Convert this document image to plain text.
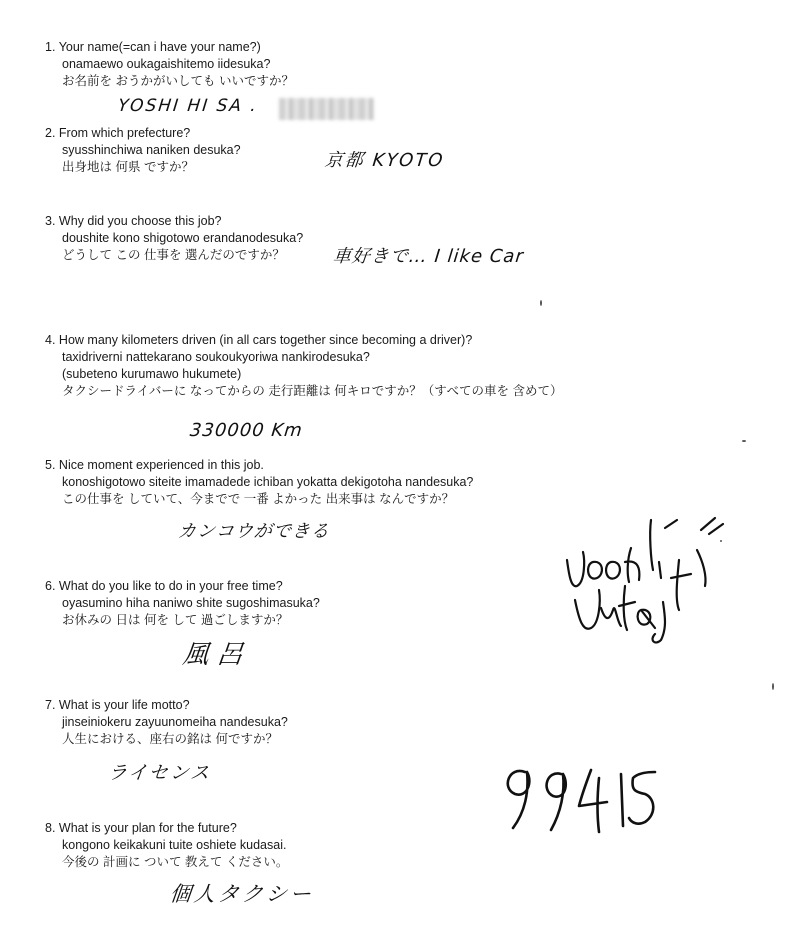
1. Your name(=can i have your name?)
onamaewo oukagaishitemo iidesuka?
お名前を おうかがいしても いいですか？
YOSHI HI SA .
2. From which prefecture?
syusshinchiwa naniken desuka?
出身地は 何県 ですか？	京都 KYOTO
3. Why did you choose this job?
doushite kono shigotowo erandanodesuka?
どうして この 仕事を 選んだのですか？	車好きで… I like Car
4. How many kilometers driven (in all cars together since becoming a driver)?
taxidriverni nattekarano soukoukyoriwa nankirodesuka?
(subeteno kurumawo hukumete)
タクシードライバーに なってからの 走行距離は 何キロですか？（すべての車を 含めて）
330000 Km
5. Nice moment experienced in this job.
konoshigotowo siteite imamadede ichiban yokatta dekigotoha nandesuka?
この仕事を していて、今までで 一番 よかった 出来事は なんですか？
カンコウができる
6. What do you like to do in your free time?
oyasumino hiha naniwo shite sugoshimasuka?
お休みの 日は 何を して 過ごしますか？
風呂
7. What is your life motto?
jinseiniokeru zayuunomeiha nandesuka?
人生における、座右の銘は 何ですか？
ライセンス
8. What is your plan for the future?
kongono keikakuni tuite oshiete kudasai.
今後の 計画に ついて 教えて ください。
個人タクシー
